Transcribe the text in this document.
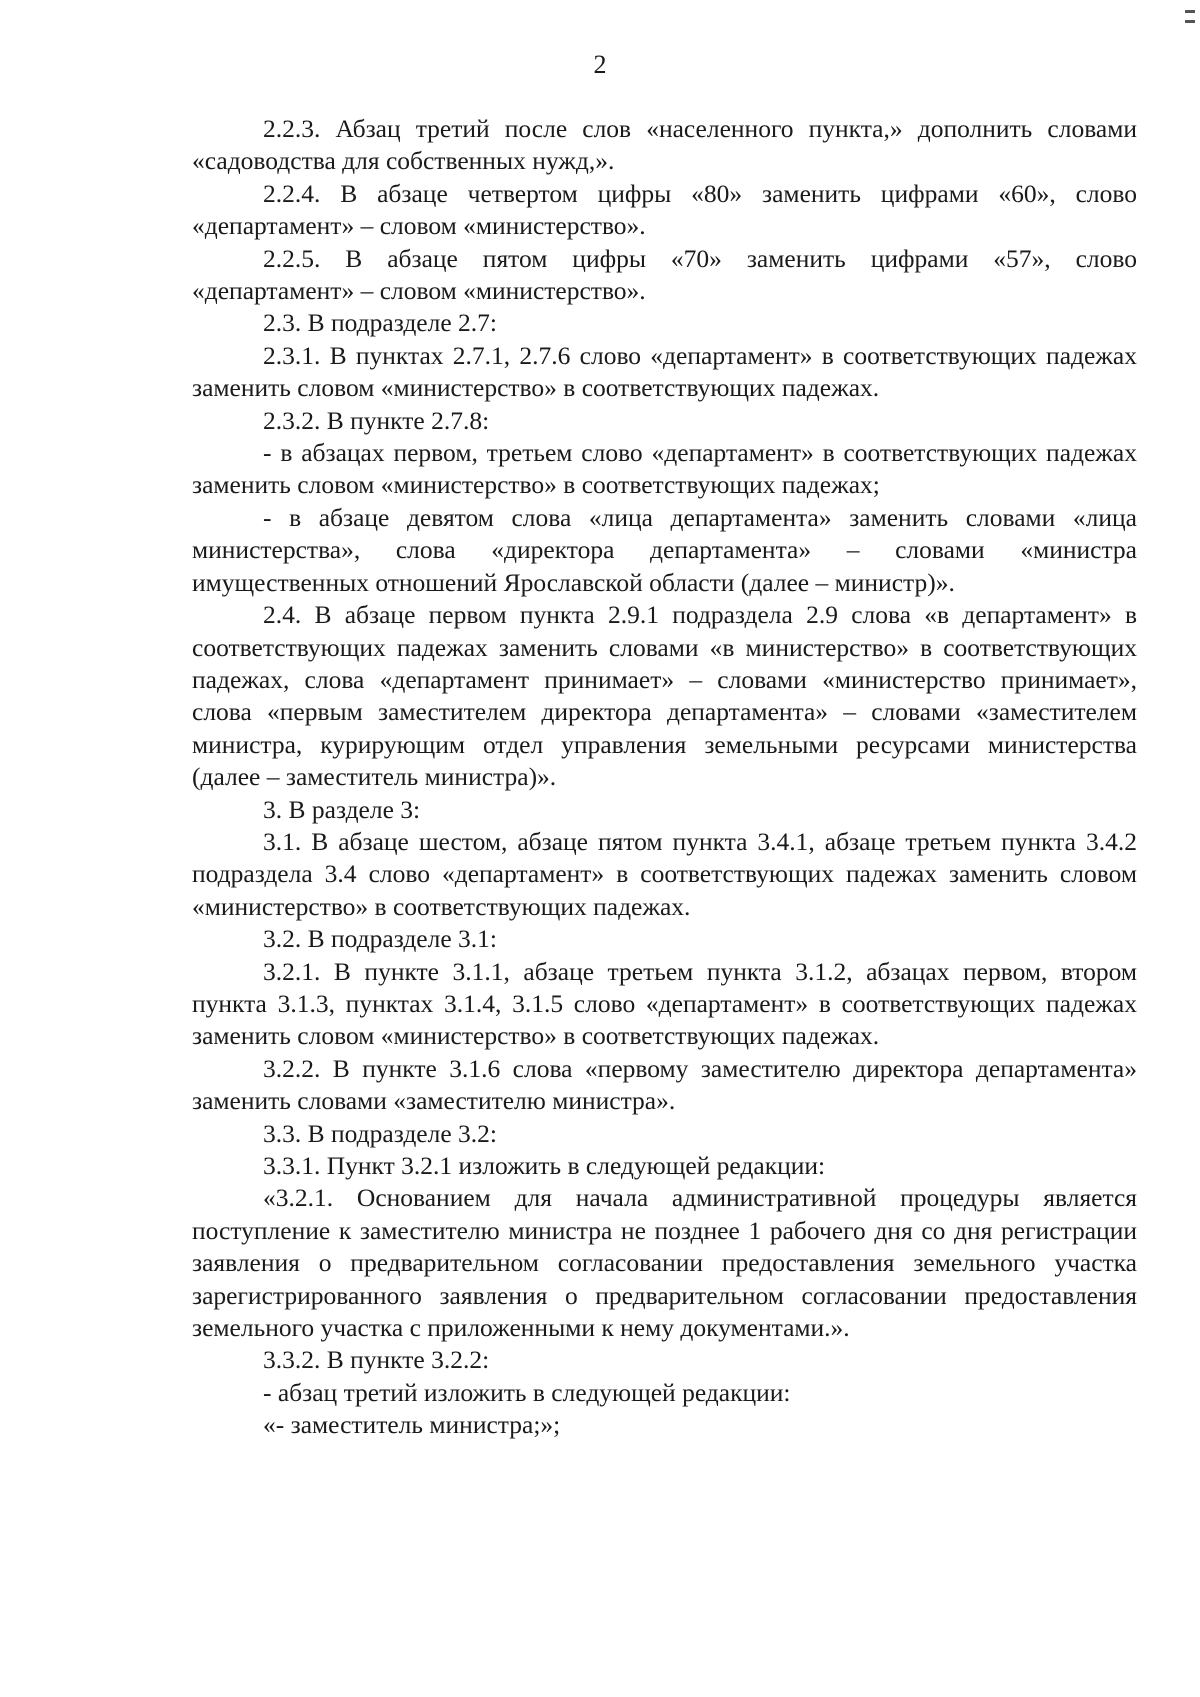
2

2.2.3. Абзац третий после слов «населенного пункта,» дополнить словами «садоводства для собственных нужд,».

2.2.4. В абзаце четвертом цифры «80» заменить цифрами «60», слово «департамент» – словом «министерство».

2.2.5. В абзаце пятом цифры «70» заменить цифрами «57», слово «департамент» – словом «министерство».

2.3. В подразделе 2.7:

2.3.1. В пунктах 2.7.1, 2.7.6 слово «департамент» в соответствующих падежах заменить словом «министерство» в соответствующих падежах.

2.3.2. В пункте 2.7.8:

- в абзацах первом, третьем слово «департамент» в соответствующих падежах заменить словом «министерство» в соответствующих падежах;

- в абзаце девятом слова «лица департамента» заменить словами «лица министерства», слова «директора департамента» – словами «министра имущественных отношений Ярославской области (далее – министр)».

2.4. В абзаце первом пункта 2.9.1 подраздела 2.9 слова «в департамент» в соответствующих падежах заменить словами «в министерство» в соответствующих падежах, слова «департамент принимает» – словами «министерство принимает», слова «первым заместителем директора департамента» – словами «заместителем министра, курирующим отдел управления земельными ресурсами министерства (далее – заместитель министра)».

3. В разделе 3:

3.1. В абзаце шестом, абзаце пятом пункта 3.4.1, абзаце третьем пункта 3.4.2 подраздела 3.4 слово «департамент» в соответствующих падежах заменить словом «министерство» в соответствующих падежах.

3.2. В подразделе 3.1:

3.2.1. В пункте 3.1.1, абзаце третьем пункта 3.1.2, абзацах первом, втором пункта 3.1.3, пунктах 3.1.4, 3.1.5 слово «департамент» в соответствующих падежах заменить словом «министерство» в соответствующих падежах.

3.2.2. В пункте 3.1.6 слова «первому заместителю директора департамента» заменить словами «заместителю министра».

3.3. В подразделе 3.2:

3.3.1. Пункт 3.2.1 изложить в следующей редакции:

«3.2.1. Основанием для начала административной процедуры является поступление к заместителю министра не позднее 1 рабочего дня со дня регистрации заявления о предварительном согласовании предоставления земельного участка зарегистрированного заявления о предварительном согласовании предоставления земельного участка с приложенными к нему документами.».

3.3.2. В пункте 3.2.2:

- абзац третий изложить в следующей редакции:

«- заместитель министра;»;
